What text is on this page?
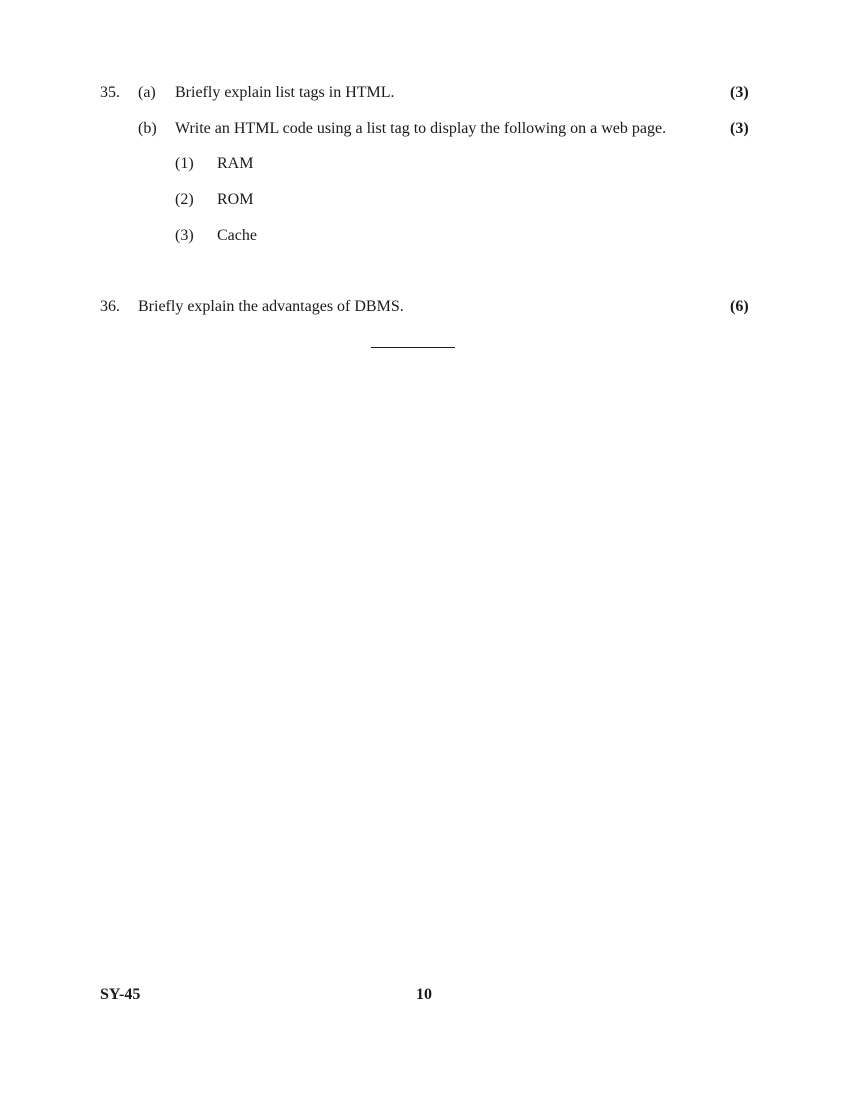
35. (a) Briefly explain list tags in HTML.	(3)
(b) Write an HTML code using a list tag to display the following on a web page.	(3)
(1) RAM
(2) ROM
(3) Cache
36. Briefly explain the advantages of DBMS.	(6)
SY-45	10
